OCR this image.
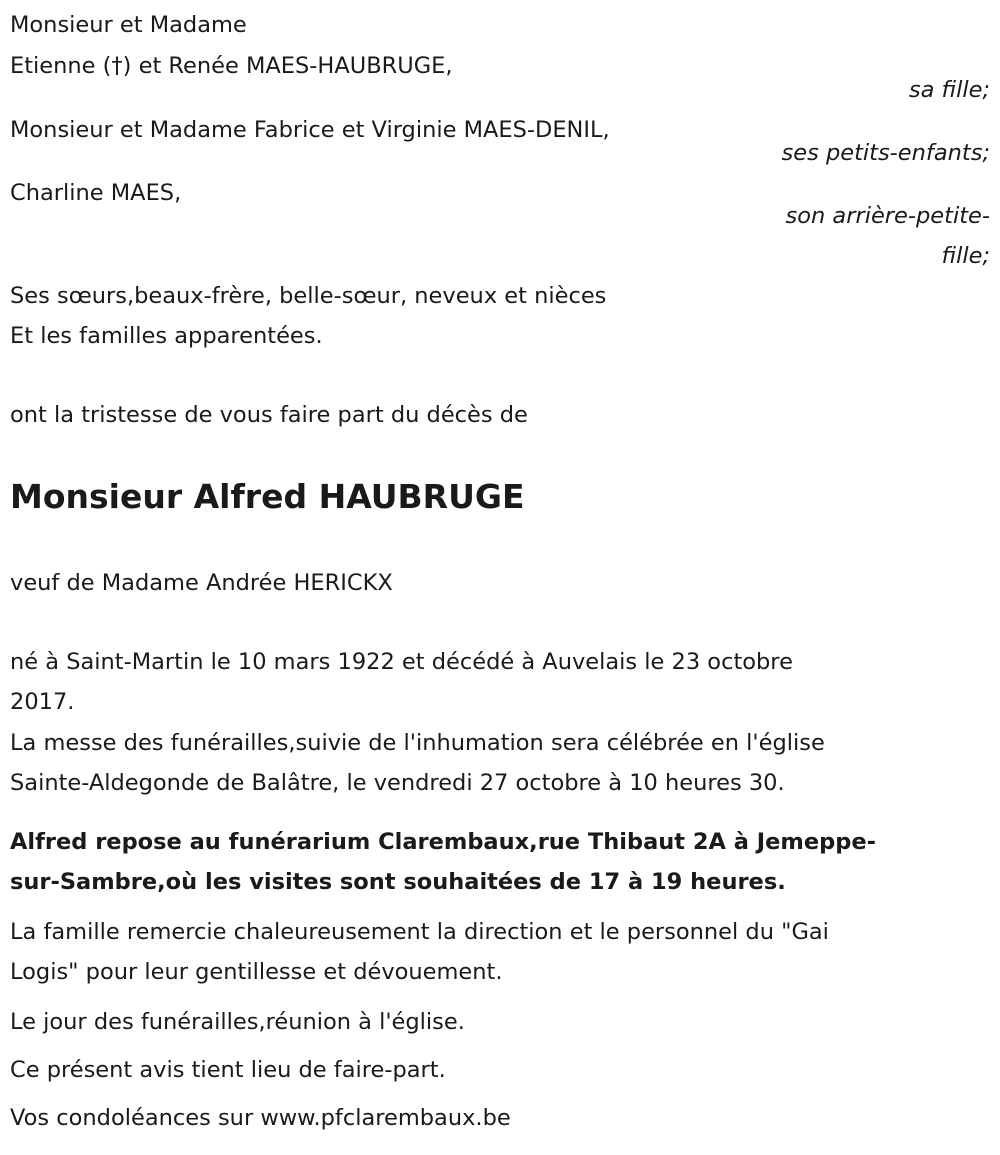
Monsieur et Madame
Etienne (†) et Renée MAES-HAUBRUGE,
sa fille;
Monsieur et Madame Fabrice et Virginie MAES-DENIL,
ses petits-enfants;
Charline MAES,
son arrière-petite-
fille;
Ses sœurs,beaux-frère, belle-sœur, neveux et nièces
Et les familles apparentées.
ont la tristesse de vous faire part du décès de
Monsieur Alfred HAUBRUGE
veuf de Madame Andrée HERICKX
né à Saint-Martin le 10 mars 1922 et décédé à Auvelais le 23 octobre
2017.
La messe des funérailles,suivie de l'inhumation sera célébrée en l'église
Sainte-Aldegonde de Balâtre, le vendredi 27 octobre à 10 heures 30.
Alfred repose au funérarium Clarembaux,rue Thibaut 2A à Jemeppe-
sur-Sambre,où les visites sont souhaitées de 17 à 19 heures.
La famille remercie chaleureusement la direction et le personnel du "Gai
Logis" pour leur gentillesse et dévouement.
Le jour des funérailles,réunion à l'église.
Ce présent avis tient lieu de faire-part.
Vos condoléances sur www.pfclarembaux.be
